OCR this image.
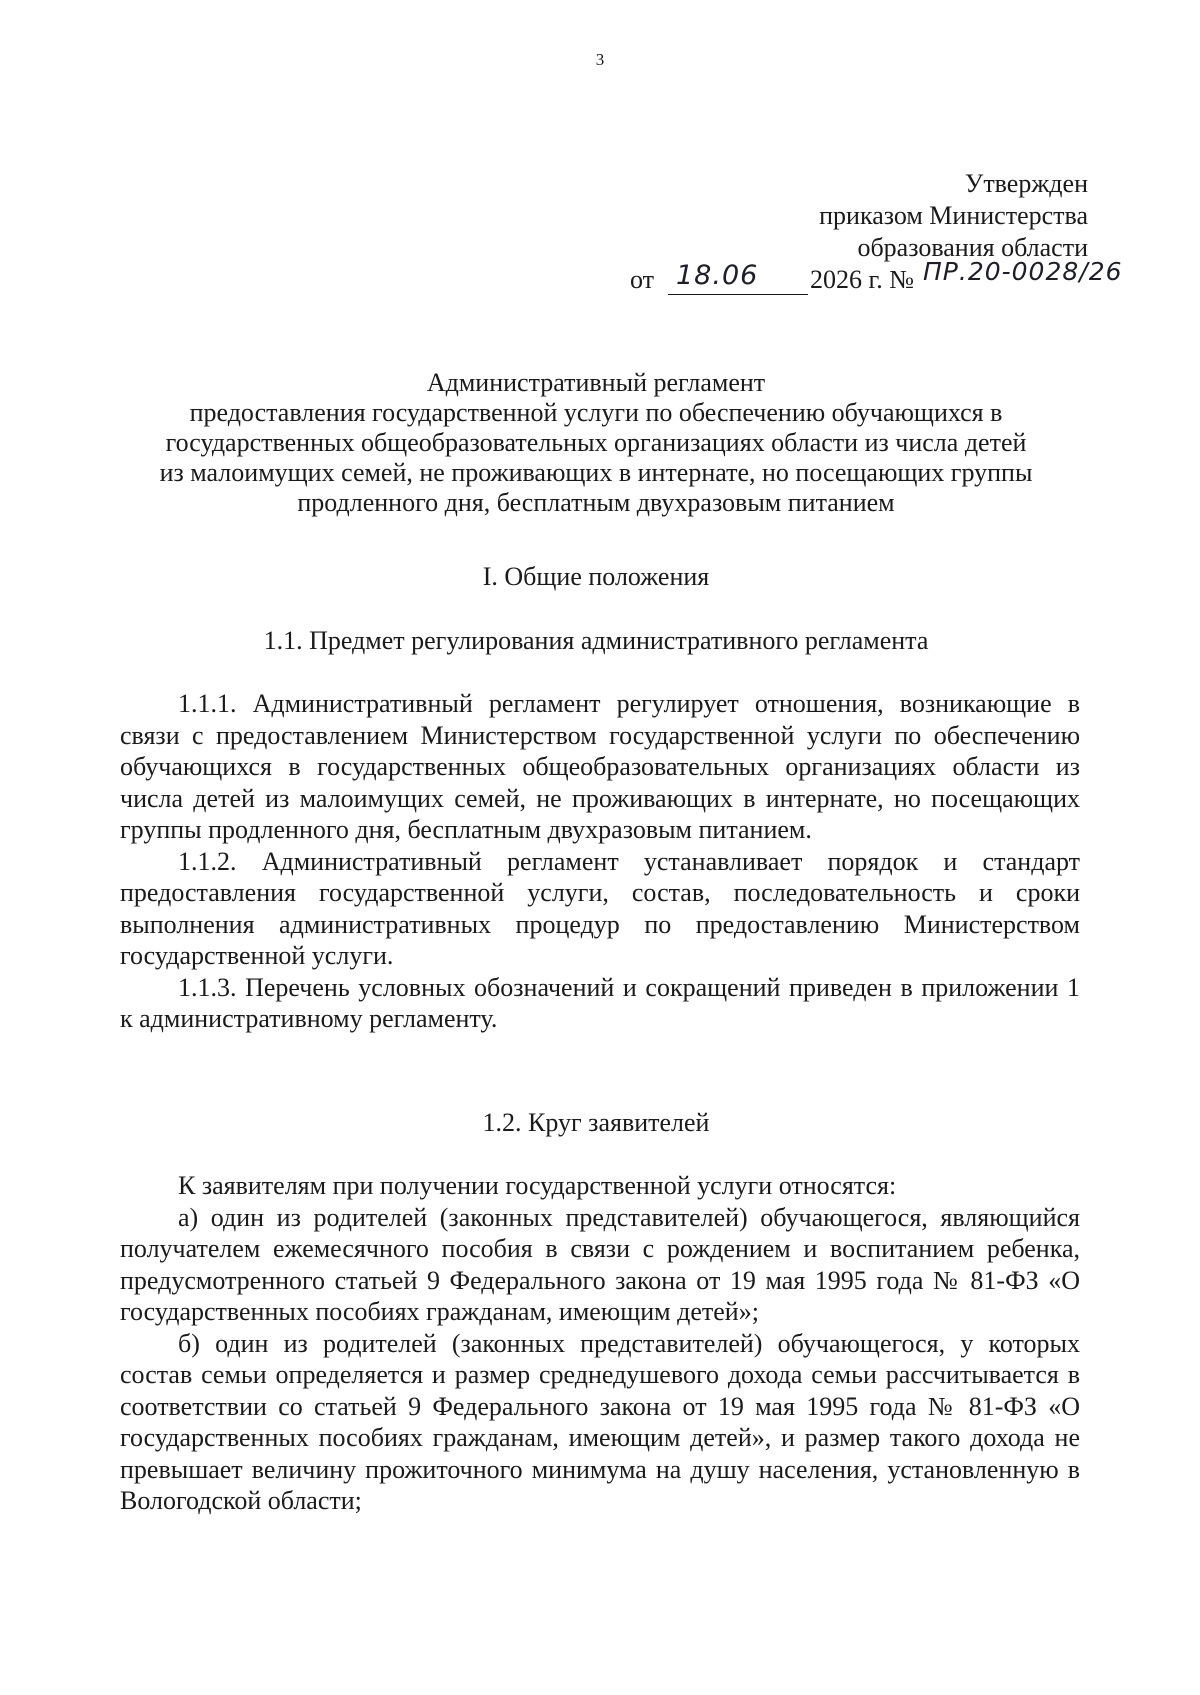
3
Утвержден
приказом Министерства
образования области
от 18.06 2026 г. № ПР.20-0028/26
Административный регламент
предоставления государственной услуги по обеспечению обучающихся в
государственных общеобразовательных организациях области из числа детей
из малоимущих семей, не проживающих в интернате, но посещающих группы
продленного дня, бесплатным двухразовым питанием
I. Общие положения
1.1. Предмет регулирования административного регламента

1.1.1. Административный регламент регулирует отношения, возникающие в связи с предоставлением Министерством государственной услуги по обеспечению обучающихся в государственных общеобразовательных организациях области из числа детей из малоимущих семей, не проживающих в интернате, но посещающих группы продленного дня, бесплатным двухразовым питанием.

1.1.2. Административный регламент устанавливает порядок и стандарт предоставления государственной услуги, состав, последовательность и сроки выполнения административных процедур по предоставлению Министерством государственной услуги.

1.1.3. Перечень условных обозначений и сокращений приведен в приложении 1 к административному регламенту.

1.2. Круг заявителей

К заявителям при получении государственной услуги относятся:

а) один из родителей (законных представителей) обучающегося, являющийся получателем ежемесячного пособия в связи с рождением и воспитанием ребенка, предусмотренного статьей 9 Федерального закона от 19 мая 1995 года № 81-ФЗ «О государственных пособиях гражданам, имеющим детей»;

б) один из родителей (законных представителей) обучающегося, у которых состав семьи определяется и размер среднедушевого дохода семьи рассчитывается в соответствии со статьей 9 Федерального закона от 19 мая 1995 года № 81-ФЗ «О государственных пособиях гражданам, имеющим детей», и размер такого дохода не превышает величину прожиточного минимума на душу населения, установленную в Вологодской области;
